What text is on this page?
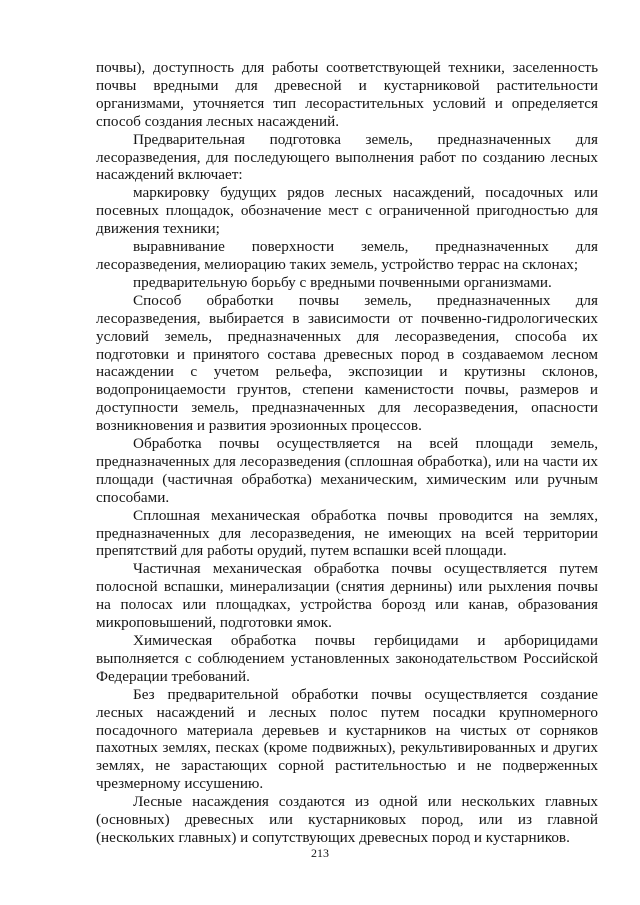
почвы), доступность для работы соответствующей техники, заселенность почвы вредными для древесной и кустарниковой растительности организмами, уточняется тип лесорастительных условий и определяется способ создания лесных насаждений.

Предварительная подготовка земель, предназначенных для лесоразведения, для последующего выполнения работ по созданию лесных насаждений включает:

маркировку будущих рядов лесных насаждений, посадочных или посевных площадок, обозначение мест с ограниченной пригодностью для движения техники;

выравнивание поверхности земель, предназначенных для лесоразведения, мелиорацию таких земель, устройство террас на склонах;

предварительную борьбу с вредными почвенными организмами.

Способ обработки почвы земель, предназначенных для лесоразведения, выбирается в зависимости от почвенно-гидрологических условий земель, предназначенных для лесоразведения, способа их подготовки и принятого состава древесных пород в создаваемом лесном насаждении с учетом рельефа, экспозиции и крутизны склонов, водопроницаемости грунтов, степени каменистости почвы, размеров и доступности земель, предназначенных для лесоразведения, опасности возникновения и развития эрозионных процессов.

Обработка почвы осуществляется на всей площади земель, предназначенных для лесоразведения (сплошная обработка), или на части их площади (частичная обработка) механическим, химическим или ручным способами.

Сплошная механическая обработка почвы проводится на землях, предназначенных для лесоразведения, не имеющих на всей территории препятствий для работы орудий, путем вспашки всей площади.

Частичная механическая обработка почвы осуществляется путем полосной вспашки, минерализации (снятия дернины) или рыхления почвы на полосах или площадках, устройства борозд или канав, образования микроповышений, подготовки ямок.

Химическая обработка почвы гербицидами и арборицидами выполняется с соблюдением установленных законодательством Российской Федерации требований.

Без предварительной обработки почвы осуществляется создание лесных насаждений и лесных полос путем посадки крупномерного посадочного материала деревьев и кустарников на чистых от сорняков пахотных землях, песках (кроме подвижных), рекультивированных и других землях, не зарастающих сорной растительностью и не подверженных чрезмерному иссушению.

Лесные насаждения создаются из одной или нескольких главных (основных) древесных или кустарниковых пород, или из главной (нескольких главных) и сопутствующих древесных пород и кустарников.

213
